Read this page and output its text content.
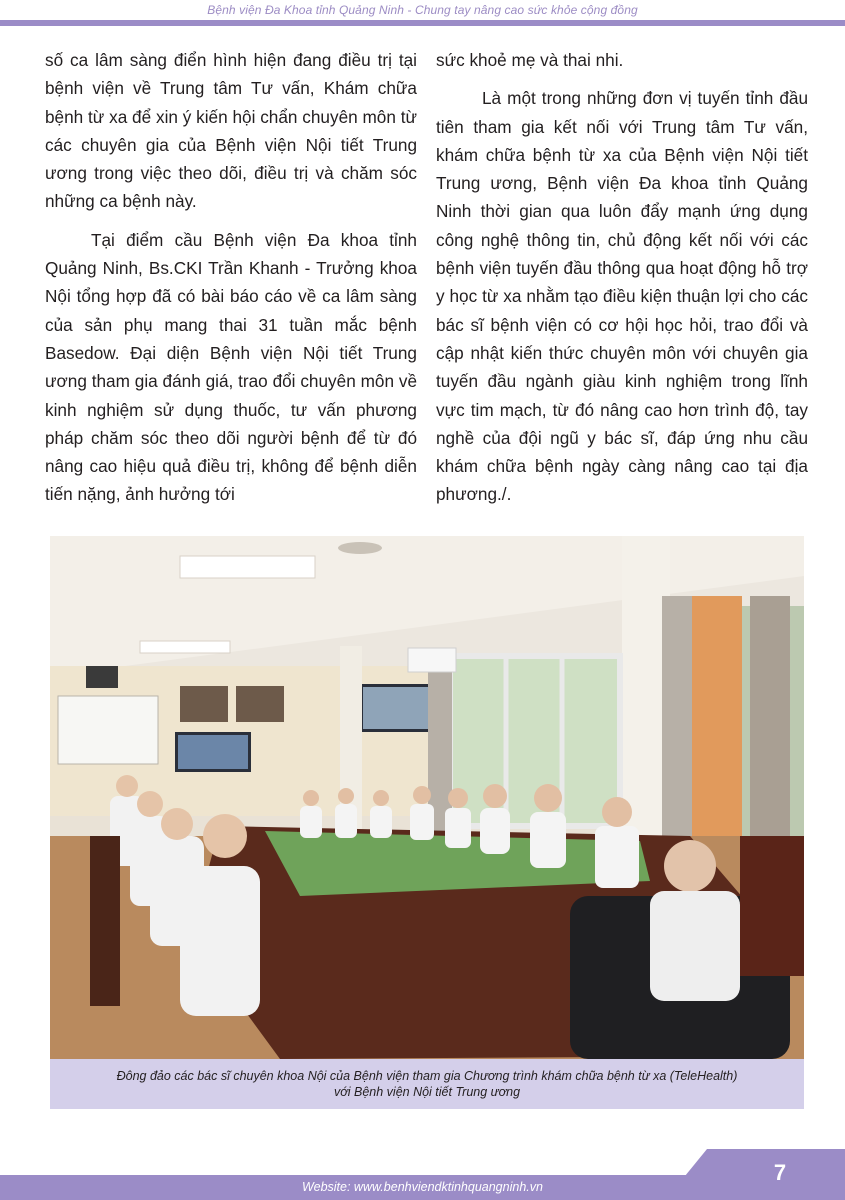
Bệnh viện Đa Khoa tỉnh Quảng Ninh - Chung tay nâng cao sức khỏe cộng đồng

số ca lâm sàng điển hình hiện đang điều trị tại bệnh viện về Trung tâm Tư vấn, Khám chữa bệnh từ xa để xin ý kiến hội chẩn chuyên môn từ các chuyên gia của Bệnh viện Nội tiết Trung ương trong việc theo dõi, điều trị và chăm sóc những ca bệnh này.

Tại điểm cầu Bệnh viện Đa khoa tỉnh Quảng Ninh, Bs.CKI Trần Khanh - Trưởng khoa Nội tổng hợp đã có bài báo cáo về ca lâm sàng của sản phụ mang thai 31 tuần mắc bệnh Basedow. Đại diện Bệnh viện Nội tiết Trung ương tham gia đánh giá, trao đổi chuyên môn về kinh nghiệm sử dụng thuốc, tư vấn phương pháp chăm sóc theo dõi người bệnh để từ đó nâng cao hiệu quả điều trị, không để bệnh diễn tiến nặng, ảnh hưởng tới

sức khoẻ mẹ và thai nhi.

Là một trong những đơn vị tuyến tỉnh đầu tiên tham gia kết nối với Trung tâm Tư vấn, khám chữa bệnh từ xa của Bệnh viện Nội tiết Trung ương, Bệnh viện Đa khoa tỉnh Quảng Ninh thời gian qua luôn đẩy mạnh ứng dụng công nghệ thông tin, chủ động kết nối với các bệnh viện tuyến đầu thông qua hoạt động hỗ trợ y học từ xa nhằm tạo điều kiện thuận lợi cho các bác sĩ bệnh viện có cơ hội học hỏi, trao đổi và cập nhật kiến thức chuyên môn với chuyên gia tuyến đầu ngành giàu kinh nghiệm trong lĩnh vực tim mạch, từ đó nâng cao hơn trình độ, tay nghề của đội ngũ y bác sĩ, đáp ứng nhu cầu khám chữa bệnh ngày càng nâng cao tại địa phương./.

Đông đảo các bác sĩ chuyên khoa Nội của Bệnh viện tham gia Chương trình khám chữa bệnh từ xa (TeleHealth)
với Bệnh viện Nội tiết Trung ương
Website: www.benhviendktinhquangninh.vn
7
